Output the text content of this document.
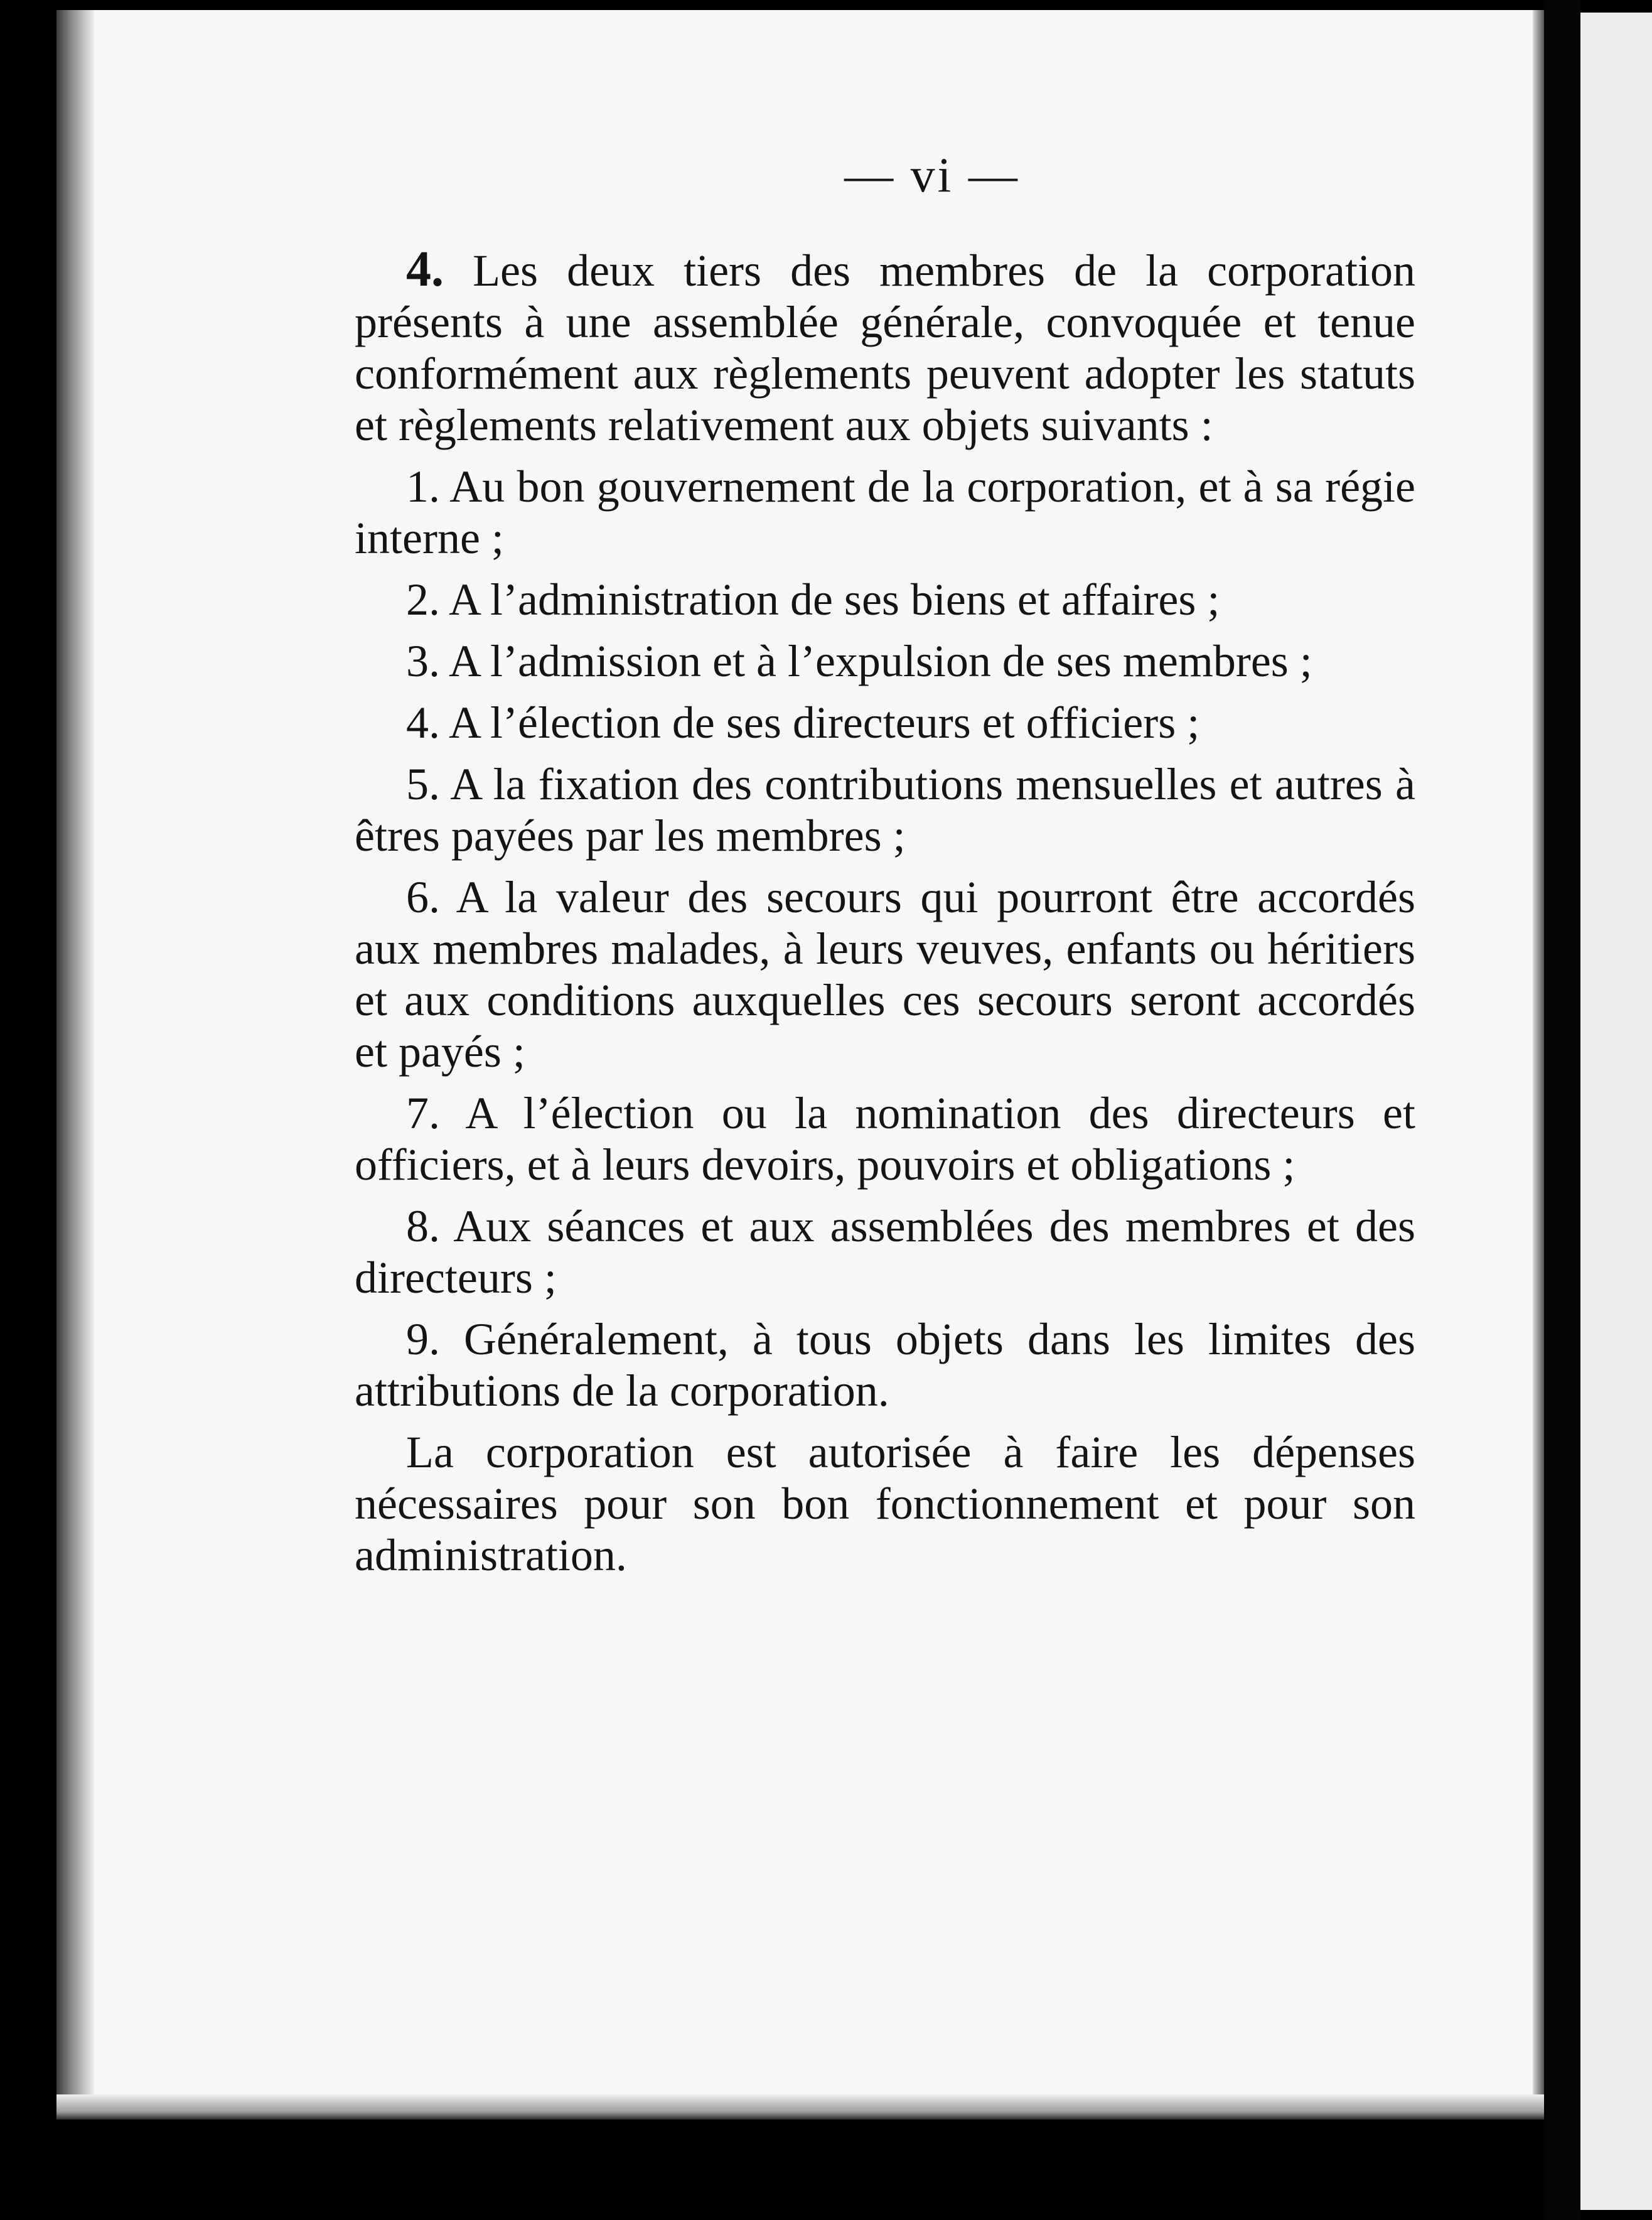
— vi —

4. Les deux tiers des membres de la corporation présents à une assemblée générale, convoquée et tenue conformément aux règlements peuvent adopter les statuts et règlements relativement aux objets suivants :

1. Au bon gouvernement de la corporation, et à sa régie interne ;

2. A l’administration de ses biens et affaires ;

3. A l’admission et à l’expulsion de ses membres ;

4. A l’élection de ses directeurs et officiers ;

5. A la fixation des contributions mensuelles et autres à êtres payées par les membres ;

6. A la valeur des secours qui pourront être accordés aux membres malades, à leurs veuves, enfants ou héritiers et aux conditions auxquelles ces secours seront accordés et payés ;

7. A l’élection ou la nomination des directeurs et officiers, et à leurs devoirs, pouvoirs et obligations ;

8. Aux séances et aux assemblées des membres et des directeurs ;

9. Généralement, à tous objets dans les limites des attributions de la corporation.

La corporation est autorisée à faire les dépenses nécessaires pour son bon fonctionnement et pour son administration.
